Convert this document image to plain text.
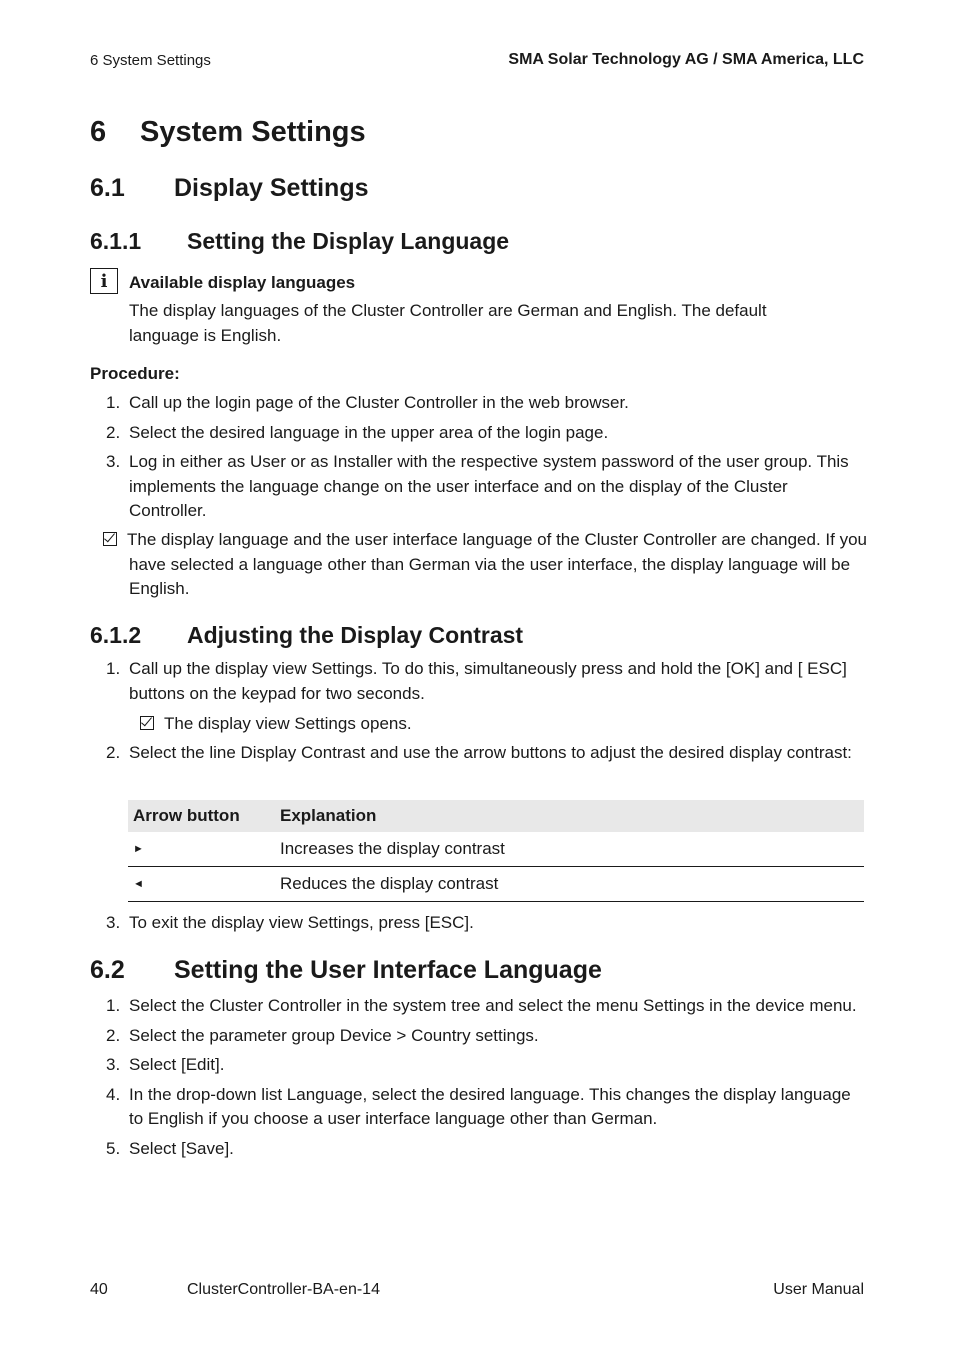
6 System Settings	SMA Solar Technology AG / SMA America, LLC
6 System Settings
6.1 Display Settings
6.1.1 Setting the Display Language
i	Available display languages
The display languages of the Cluster Controller are German and English. The default language is English.
Procedure:
1. Call up the login page of the Cluster Controller in the web browser.
2. Select the desired language in the upper area of the login page.
3. Log in either as User or as Installer with the respective system password of the user group. This implements the language change on the user interface and on the display of the Cluster Controller.
The display language and the user interface language of the Cluster Controller are changed. If you have selected a language other than German via the user interface, the display language will be English.
6.1.2 Adjusting the Display Contrast
1. Call up the display view Settings. To do this, simultaneously press and hold the [OK] and [ ESC] buttons on the keypad for two seconds.
The display view Settings opens.
2. Select the line Display Contrast and use the arrow buttons to adjust the desired display contrast:
Arrow button	Explanation
►	Increases the display contrast
◄	Reduces the display contrast
3. To exit the display view Settings, press [ESC].
6.2 Setting the User Interface Language
1. Select the Cluster Controller in the system tree and select the menu Settings in the device menu.
2. Select the parameter group Device > Country settings.
3. Select [Edit].
4. In the drop-down list Language, select the desired language. This changes the display language to English if you choose a user interface language other than German.
5. Select [Save].
40	ClusterController-BA-en-14	User Manual
